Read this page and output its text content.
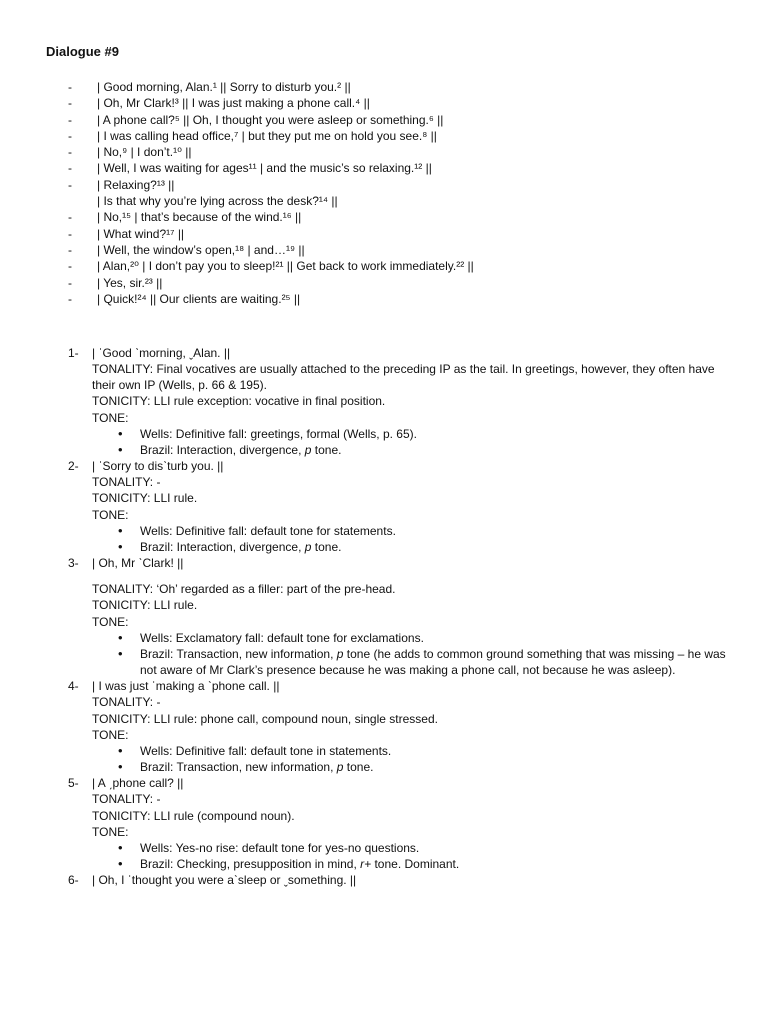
Dialogue #9
- | Good morning, Alan.¹ || Sorry to disturb you.² ||
- | Oh, Mr Clark!³ || I was just making a phone call.⁴ ||
- | A phone call?⁵ || Oh, I thought you were asleep or something.⁶ ||
- | I was calling head office,⁷ | but they put me on hold you see.⁸ ||
- | No,⁹ | I don’t.¹⁰ ||
- | Well, I was waiting for ages¹¹ | and the music’s so relaxing.¹² ||
- | Relaxing?¹³ ||
| Is that why you’re lying across the desk?¹⁴ ||
- | No,¹⁵ | that’s because of the wind.¹⁶ ||
- | What wind?¹⁷ ||
- | Well, the window’s open,¹⁸ | and…¹⁹ ||
- | Alan,²⁰ | I don’t pay you to sleep!²¹ || Get back to work immediately.²² ||
- | Yes, sir.²³ ||
- | Quick!²⁴ || Our clients are waiting.²⁵ ||
1- | ˈGood ˋmorning, ˬAlan. ||
TONALITY: Final vocatives are usually attached to the preceding IP as the tail. In greetings, however, they often have their own IP (Wells, p. 66 & 195).
TONICITY: LLI rule exception: vocative in final position.
TONE:
• Wells: Definitive fall: greetings, formal (Wells, p. 65).
• Brazil: Interaction, divergence, p tone.
2- | ˈSorry to disˋturb you. ||
TONALITY: -
TONICITY: LLI rule.
TONE:
• Wells: Definitive fall: default tone for statements.
• Brazil: Interaction, divergence, p tone.
3- | Oh, Mr ˋClark! ||
TONALITY: ‘Oh’ regarded as a filler: part of the pre-head.
TONICITY: LLI rule.
TONE:
• Wells: Exclamatory fall: default tone for exclamations.
• Brazil: Transaction, new information, p tone (he adds to common ground something that was missing – he was not aware of Mr Clark’s presence because he was making a phone call, not because he was asleep).
4- | I was just ˈmaking a ˋphone call. ||
TONALITY: -
TONICITY: LLI rule: phone call, compound noun, single stressed.
TONE:
• Wells: Definitive fall: default tone in statements.
• Brazil: Transaction, new information, p tone.
5- | A ˏphone call? ||
TONALITY: -
TONICITY: LLI rule (compound noun).
TONE:
• Wells: Yes-no rise: default tone for yes-no questions.
• Brazil: Checking, presupposition in mind, r+ tone. Dominant.
6- | Oh, I ˈthought you were aˋsleep or ˬsomething. ||
